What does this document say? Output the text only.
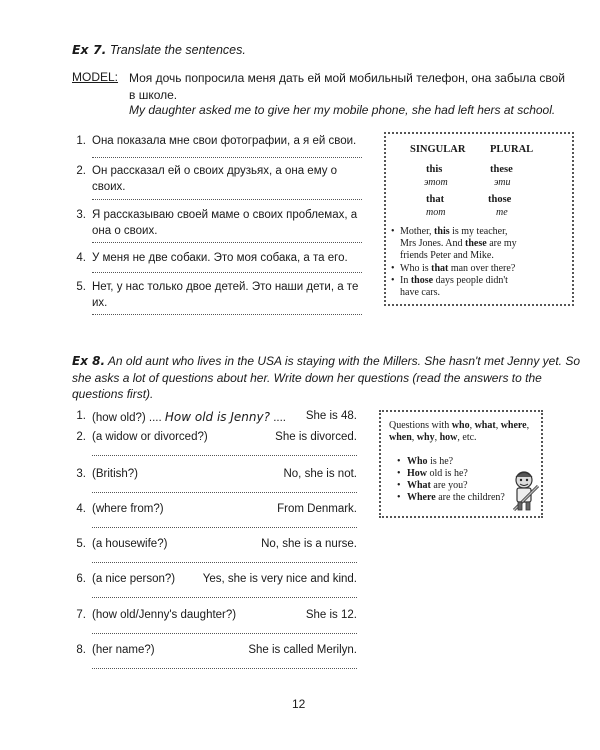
Ex 7. Translate the sentences.
MODEL: Моя дочь попросила меня дать ей мой мобильный телефон, она забыла свой в школе.
My daughter asked me to give her my mobile phone, she had left hers at school.
1. Она показала мне свои фотографии, а я ей свои.
2. Он рассказал ей о своих друзьях, а она ему о
своих.
3. Я рассказываю своей маме о своих проблемах, а
она о своих.
4. У меня не две собаки. Это моя собака, а та его.
5. Нет, у нас только двое детей. Это наши дети, а те
их.
SINGULAR PLURAL
this	these
этот	эти
that	those
тот	те
• Mother, this is my teacher,
Mrs Jones. And these are my
friends Peter and Mike.
• Who is that man over there?
• In those days people didn't
have cars.
Ex 8. An old aunt who lives in the USA is staying with the Millers. She hasn't met Jenny yet. So she asks a lot of questions about her. Write down her questions (read the answers to the questions first).
1. (how old?) .... How old is Jenny? .... She is 48.
2. (a widow or divorced?)	She is divorced.
3. (British?)	No, she is not.
4. (where from?)	From Denmark.
5. (a housewife?)	No, she is a nurse.
6. (a nice person?) Yes, she is very nice and kind.
7. (how old/Jenny's daughter?)	She is 12.
8. (her name?)	She is called Merilyn.
Questions with who, what, where,
when, why, how, etc.
• Who is he?
• How old is he?
• What are you?
• Where are the children?
12
